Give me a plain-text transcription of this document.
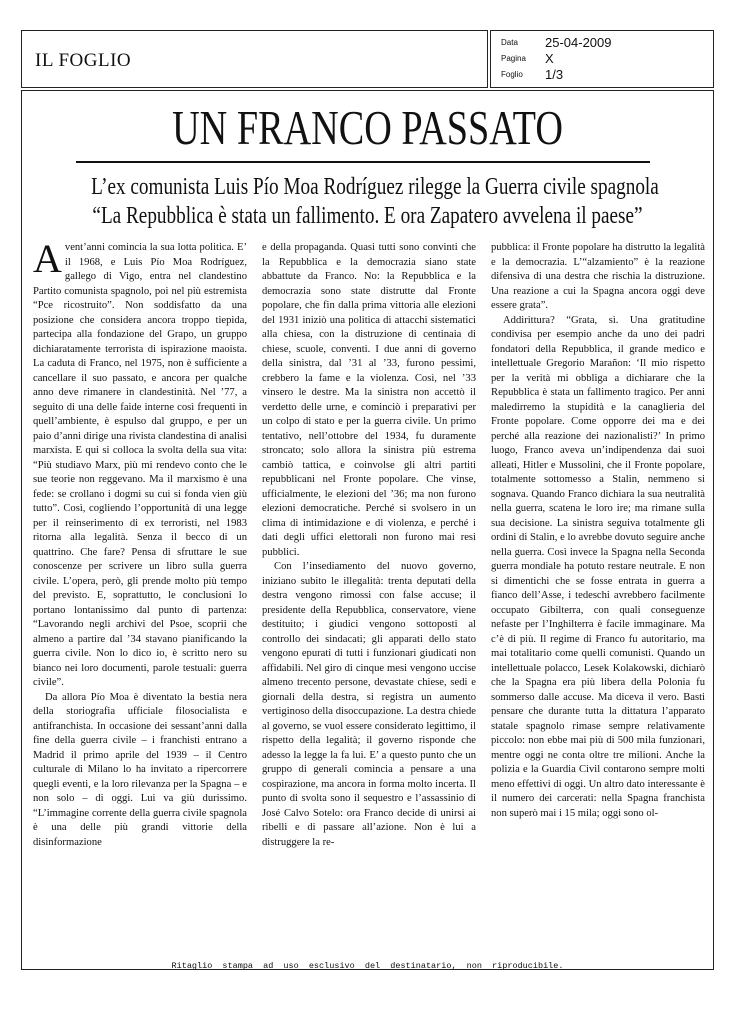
IL FOGLIO
Data 25-04-2009
Pagina X
Foglio 1/3
UN FRANCO PASSATO
L’ex comunista Luis Pío Moa Rodríguez rilegge la Guerra civile spagnola
“La Repubblica è stata un fallimento. E ora Zapatero avvelena il paese”

Avent’anni comincia la sua lotta politica. E’ il 1968, e Luis Pío Moa Rodríguez, gallego di Vigo, entra nel clandestino Partito comunista spagnolo, poi nel più estremista “Pce ricostruito”. Non soddisfatto da una posizione che considera ancora troppo tiepida, partecipa alla fondazione del Grapo, un gruppo dichiaratamente terrorista di ispirazione maoista. La caduta di Franco, nel 1975, non è sufficiente a cancellare il suo passato, e ancora per qualche anno deve rimanere in clandestinità. Nel ’77, a seguito di una delle faide interne così frequenti in quell’ambiente, è espulso dal gruppo, e per un paio d’anni dirige una rivista clandestina di analisi marxista. E qui si colloca la svolta della sua vita: “Più studiavo Marx, più mi rendevo conto che le sue teorie non reggevano. Ma il marxismo è una fede: se crollano i dogmi su cui si fonda vien giù tutto”. Così, cogliendo l’opportunità di una legge per il reinserimento di ex terroristi, nel 1983 ritorna alla legalità. Senza il becco di un quattrino. Che fare? Pensa di sfruttare le sue conoscenze per scrivere un libro sulla guerra civile. L’opera, però, gli prende molto più tempo del previsto. E, soprattutto, le conclusioni lo portano lontanissimo dal punto di partenza: “Lavorando negli archivi del Psoe, scoprii che almeno a partire dal ’34 stavano pianificando la guerra civile. Non lo dico io, è scritto nero su bianco nei loro documenti, parole testuali: guerra civile”.

Da allora Pío Moa è diventato la bestia nera della storiografia ufficiale filosocialista e antifranchista. In occasione dei sessant’anni dalla fine della guerra civile – i franchisti entrano a Madrid il primo aprile del 1939 – il Centro culturale di Milano lo ha invitato a ripercorrere quegli eventi, e la loro rilevanza per la Spagna – e non solo – di oggi. Lui va giù durissimo. “L’immagine corrente della guerra civile spagnola è una delle più grandi vittorie della disinformazione

e della propaganda. Quasi tutti sono convinti che la Repubblica e la democrazia siano state abbattute da Franco. No: la Repubblica e la democrazia sono state distrutte dal Fronte popolare, che fin dalla prima vittoria alle elezioni del 1931 iniziò una politica di attacchi sistematici alla chiesa, con la distruzione di centinaia di chiese, scuole, conventi. I due anni di governo della sinistra, dal ’31 al ’33, furono pessimi, crebbero la fame e la violenza. Così, nel ’33 vinsero le destre. Ma la sinistra non accettò il verdetto delle urne, e cominciò i preparativi per un colpo di stato e per la guerra civile. Un primo tentativo, nell’ottobre del 1934, fu duramente stroncato; solo allora la sinistra più estrema cambiò tattica, e coinvolse gli altri partiti repubblicani nel Fronte popolare. Che vinse, ufficialmente, le elezioni del ’36; ma non furono elezioni democratiche. Perché si svolsero in un clima di intimidazione e di violenza, e perché i dati degli uffici elettorali non furono mai resi pubblici.

Con l’insediamento del nuovo governo, iniziano subito le illegalità: trenta deputati della destra vengono rimossi con false accuse; il presidente della Repubblica, conservatore, viene destituito; i giudici vengono sottoposti al controllo dei sindacati; gli apparati dello stato vengono epurati di tutti i funzionari giudicati non affidabili. Nel giro di cinque mesi vengono uccise almeno trecento persone, devastate chiese, sedi e giornali della destra, si registra un aumento vertiginoso della disoccupazione. La destra chiede al governo, se vuol essere considerato legittimo, il rispetto della legalità; il governo risponde che adesso la legge la fa lui. E’ a questo punto che un gruppo di generali comincia a pensare a una cospirazione, ma ancora in forma molto incerta. Il punto di svolta sono il sequestro e l’assassinio di José Calvo Sotelo: ora Franco decide di unirsi ai ribelli e di passare all’azione. Non è lui a distruggere la re-

pubblica: il Fronte popolare ha distrutto la legalità e la democrazia. L’“alzamiento” è la reazione difensiva di una destra che rischia la distruzione. Una reazione a cui la Spagna ancora oggi deve essere grata”.

Addirittura? “Grata, sì. Una gratitudine condivisa per esempio anche da uno dei padri fondatori della Repubblica, il grande medico e intellettuale Gregorio Marañon: ‘Il mio rispetto per la verità mi obbliga a dichiarare che la Repubblica è stata un fallimento tragico. Per anni maledirremo la stupidità e la canaglieria del Fronte popolare. Come opporre dei ma e dei perché alla reazione dei nazionalisti?’ In primo luogo, Franco aveva un’indipendenza dai suoi alleati, Hitler e Mussolini, che il Fronte popolare, totalmente sottomesso a Stalin, nemmeno si sognava. Quando Franco dichiara la sua neutralità nella guerra, scatena le loro ire; ma rimane sulla sua decisione. La sinistra seguiva totalmente gli ordini di Stalin, e lo avrebbe dovuto seguire anche nella guerra. Così invece la Spagna nella Seconda guerra mondiale ha potuto restare neutrale. E non si dimentichi che se fosse entrata in guerra a fianco dell’Asse, i tedeschi avrebbero facilmente occupato Gibilterra, con quali conseguenze nefaste per l’Inghilterra è facile immaginare. Ma c’è di più. Il regime di Franco fu autoritario, ma mai totalitario come quelli comunisti. Quando un intellettuale polacco, Lesek Kolakowski, dichiarò che la Spagna era più libera della Polonia fu sommerso dalle accuse. Ma diceva il vero. Basti pensare che durante tutta la dittatura l’apparato statale spagnolo rimase sempre relativamente piccolo: non ebbe mai più di 500 mila funzionari, mentre oggi ne conta oltre tre milioni. Anche la polizia e la Guardia Civil contarono sempre molti meno effettivi di oggi. Un altro dato interessante è il numero dei carcerati: nella Spagna franchista non superò mai i 15 mila; oggi sono ol-

Ritaglio stampa ad uso esclusivo del destinatario, non riproducibile.
